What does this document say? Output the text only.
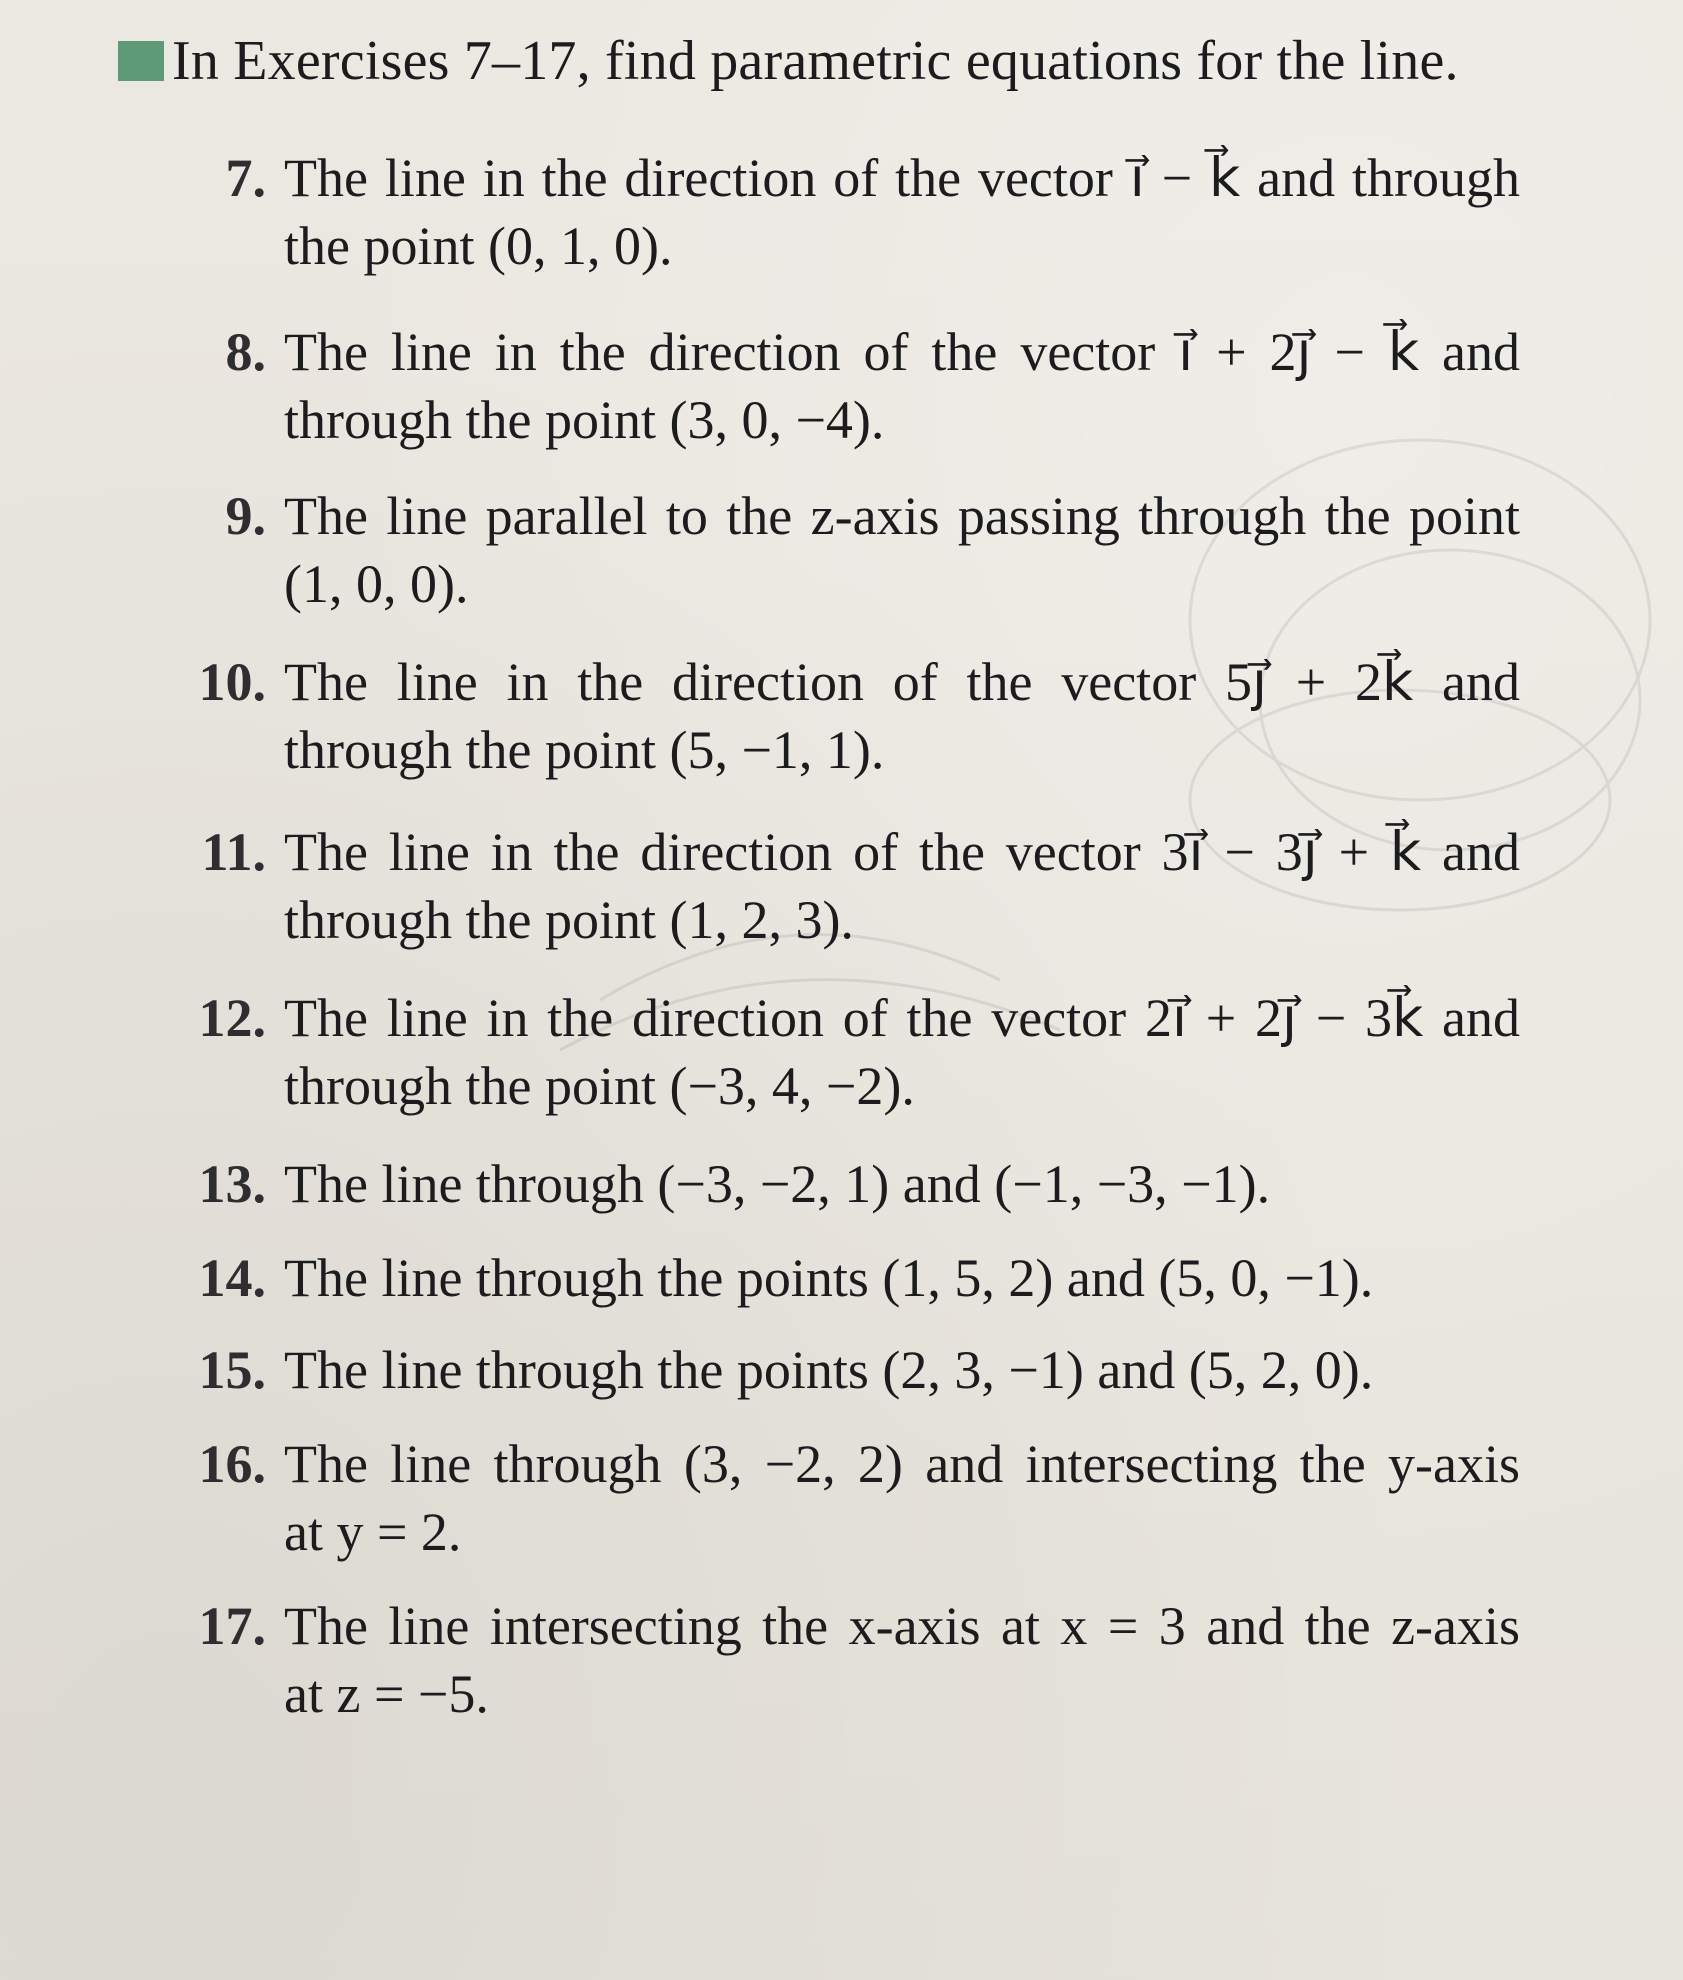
In Exercises 7–17, find parametric equations for the line.
7. The line in the direction of the vector i⃗ − k⃗ and through
the point (0, 1, 0).
8. The line in the direction of the vector i⃗ + 2j⃗ − k⃗ and
through the point (3, 0, −4).
9. The line parallel to the z-axis passing through the point
(1, 0, 0).
10. The line in the direction of the vector 5j⃗ + 2k⃗ and
through the point (5, −1, 1).
11. The line in the direction of the vector 3i⃗ − 3j⃗ + k⃗ and
through the point (1, 2, 3).
12. The line in the direction of the vector 2i⃗ + 2j⃗ − 3k⃗ and
through the point (−3, 4, −2).
13. The line through (−3, −2, 1) and (−1, −3, −1).
14. The line through the points (1, 5, 2) and (5, 0, −1).
15. The line through the points (2, 3, −1) and (5, 2, 0).
16. The line through (3, −2, 2) and intersecting the y-axis
at y = 2.
17. The line intersecting the x-axis at x = 3 and the z-axis
at z = −5.
